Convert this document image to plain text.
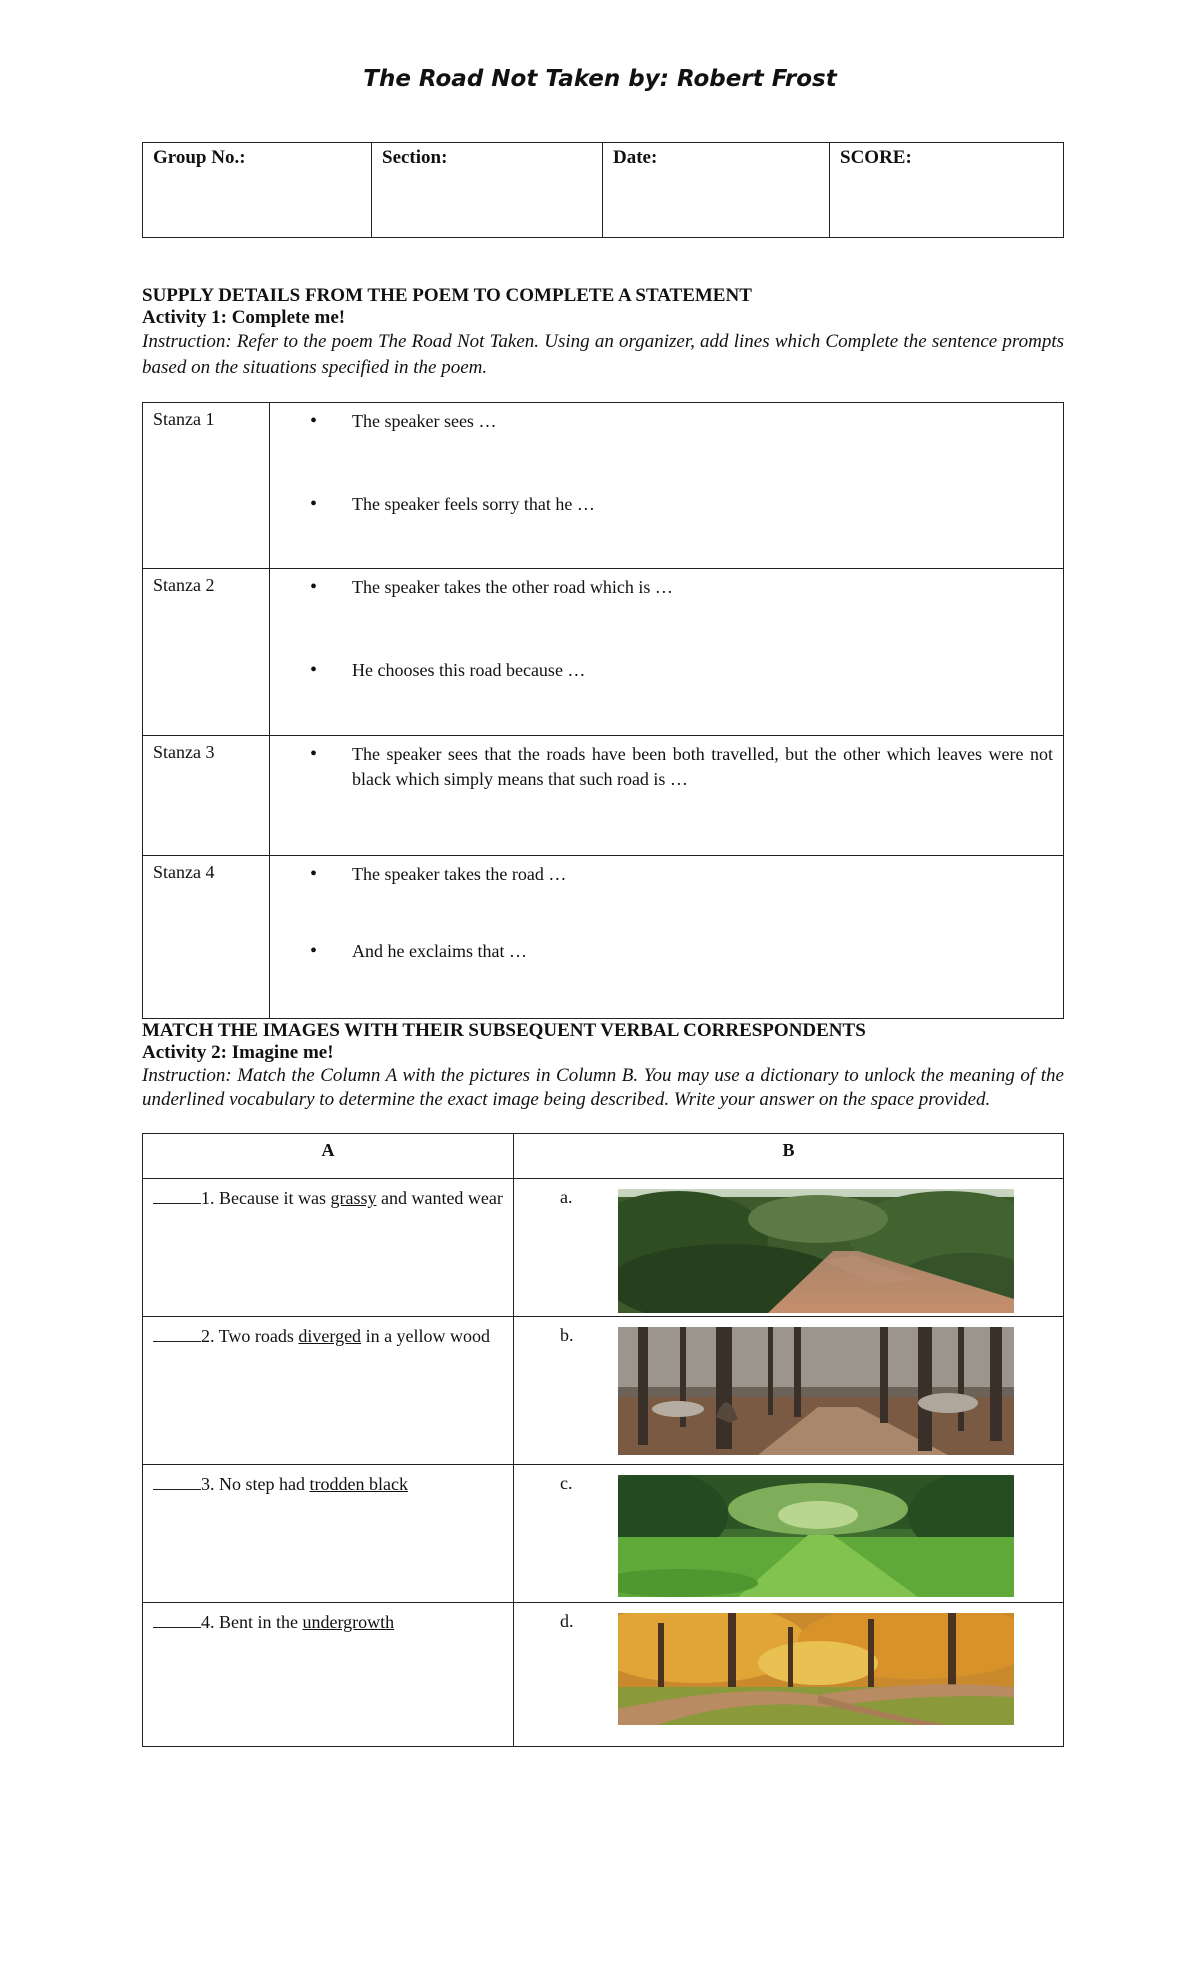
The Road Not Taken by: Robert Frost
Group No.:	Section:	Date:	SCORE:
SUPPLY DETAILS FROM THE POEM TO COMPLETE A STATEMENT
Activity 1: Complete me!
Instruction: Refer to the poem The Road Not Taken. Using an organizer, add lines which Complete the sentence prompts based on the situations specified in the poem.
Stanza 1	• The speaker sees …
• The speaker feels sorry that he …

Stanza 2	• The speaker takes the other road which is …
• He chooses this road because …

Stanza 3	• The speaker sees that the roads have been both travelled, but the other which leaves were not black which simply means that such road is …

Stanza 4	• The speaker takes the road …
• And he exclaims that …
MATCH THE IMAGES WITH THEIR SUBSEQUENT VERBAL CORRESPONDENTS
Activity 2: Imagine me!
Instruction: Match the Column A with the pictures in Column B. You may use a dictionary to unlock the meaning of the underlined vocabulary to determine the exact image being described. Write your answer on the space provided.
A	B
1. Because it was grassy and wanted wear	a.

2. Two roads diverged in a yellow wood	b.

3. No step had trodden black	c.

4. Bent in the undergrowth	d.
